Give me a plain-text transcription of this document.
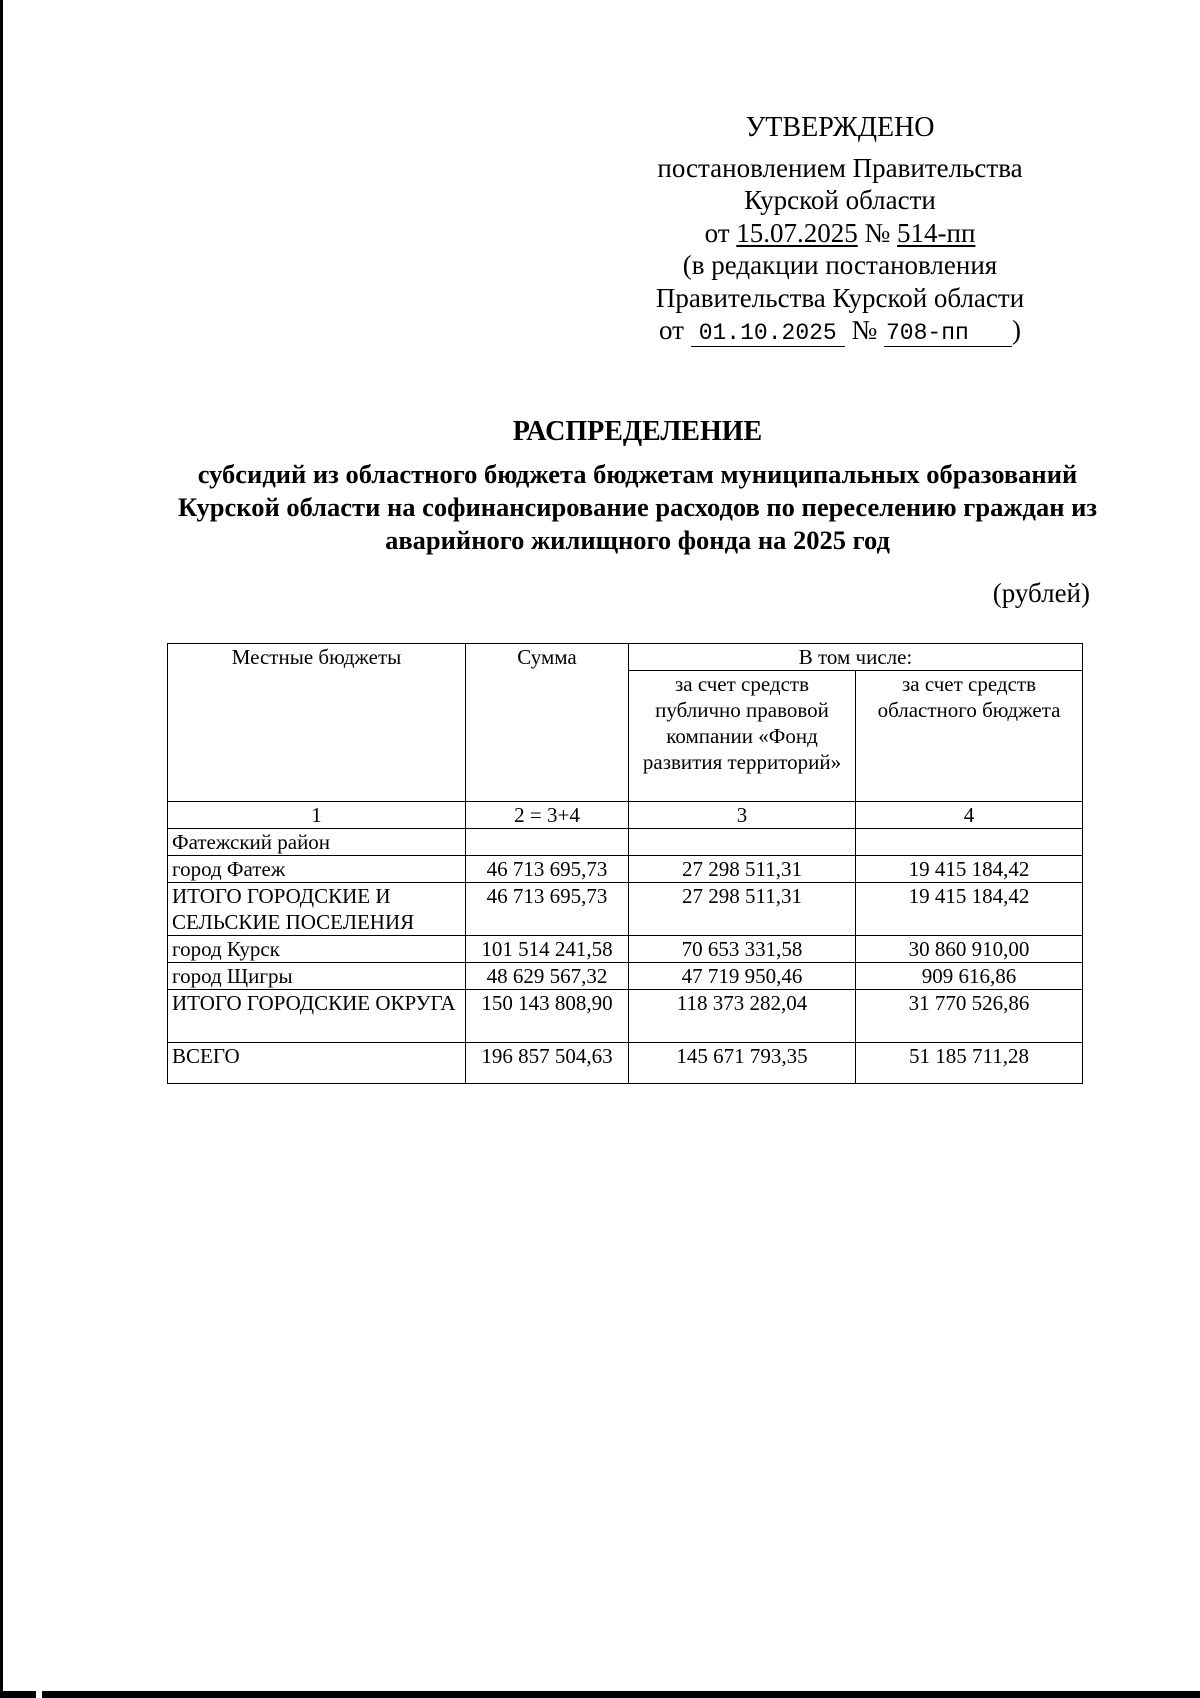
УТВЕРЖДЕНО
постановлением Правительства
Курской области
от 15.07.2025 № 514-пп
(в редакции постановления
Правительства Курской области
от 01.10.2025 № 708-пп )
РАСПРЕДЕЛЕНИЕ
субсидий из областного бюджета бюджетам муниципальных образований Курской области на софинансирование расходов по переселению граждан из аварийного жилищного фонда на 2025 год
(рублей)
Местные бюджеты	Сумма	В том числе:	
		за счет средств публично правовой компании «Фонд развития территорий»	за счет средств областного бюджета
1	2 = 3+4	3	4
Фатежский район			
город Фатеж	46 713 695,73	27 298 511,31	19 415 184,42
ИТОГО ГОРОДСКИЕ И СЕЛЬСКИЕ ПОСЕЛЕНИЯ	46 713 695,73	27 298 511,31	19 415 184,42
город Курск	101 514 241,58	70 653 331,58	30 860 910,00
город Щигры	48 629 567,32	47 719 950,46	909 616,86
ИТОГО ГОРОДСКИЕ ОКРУГА	150 143 808,90	118 373 282,04	31 770 526,86
ВСЕГО	196 857 504,63	145 671 793,35	51 185 711,28
